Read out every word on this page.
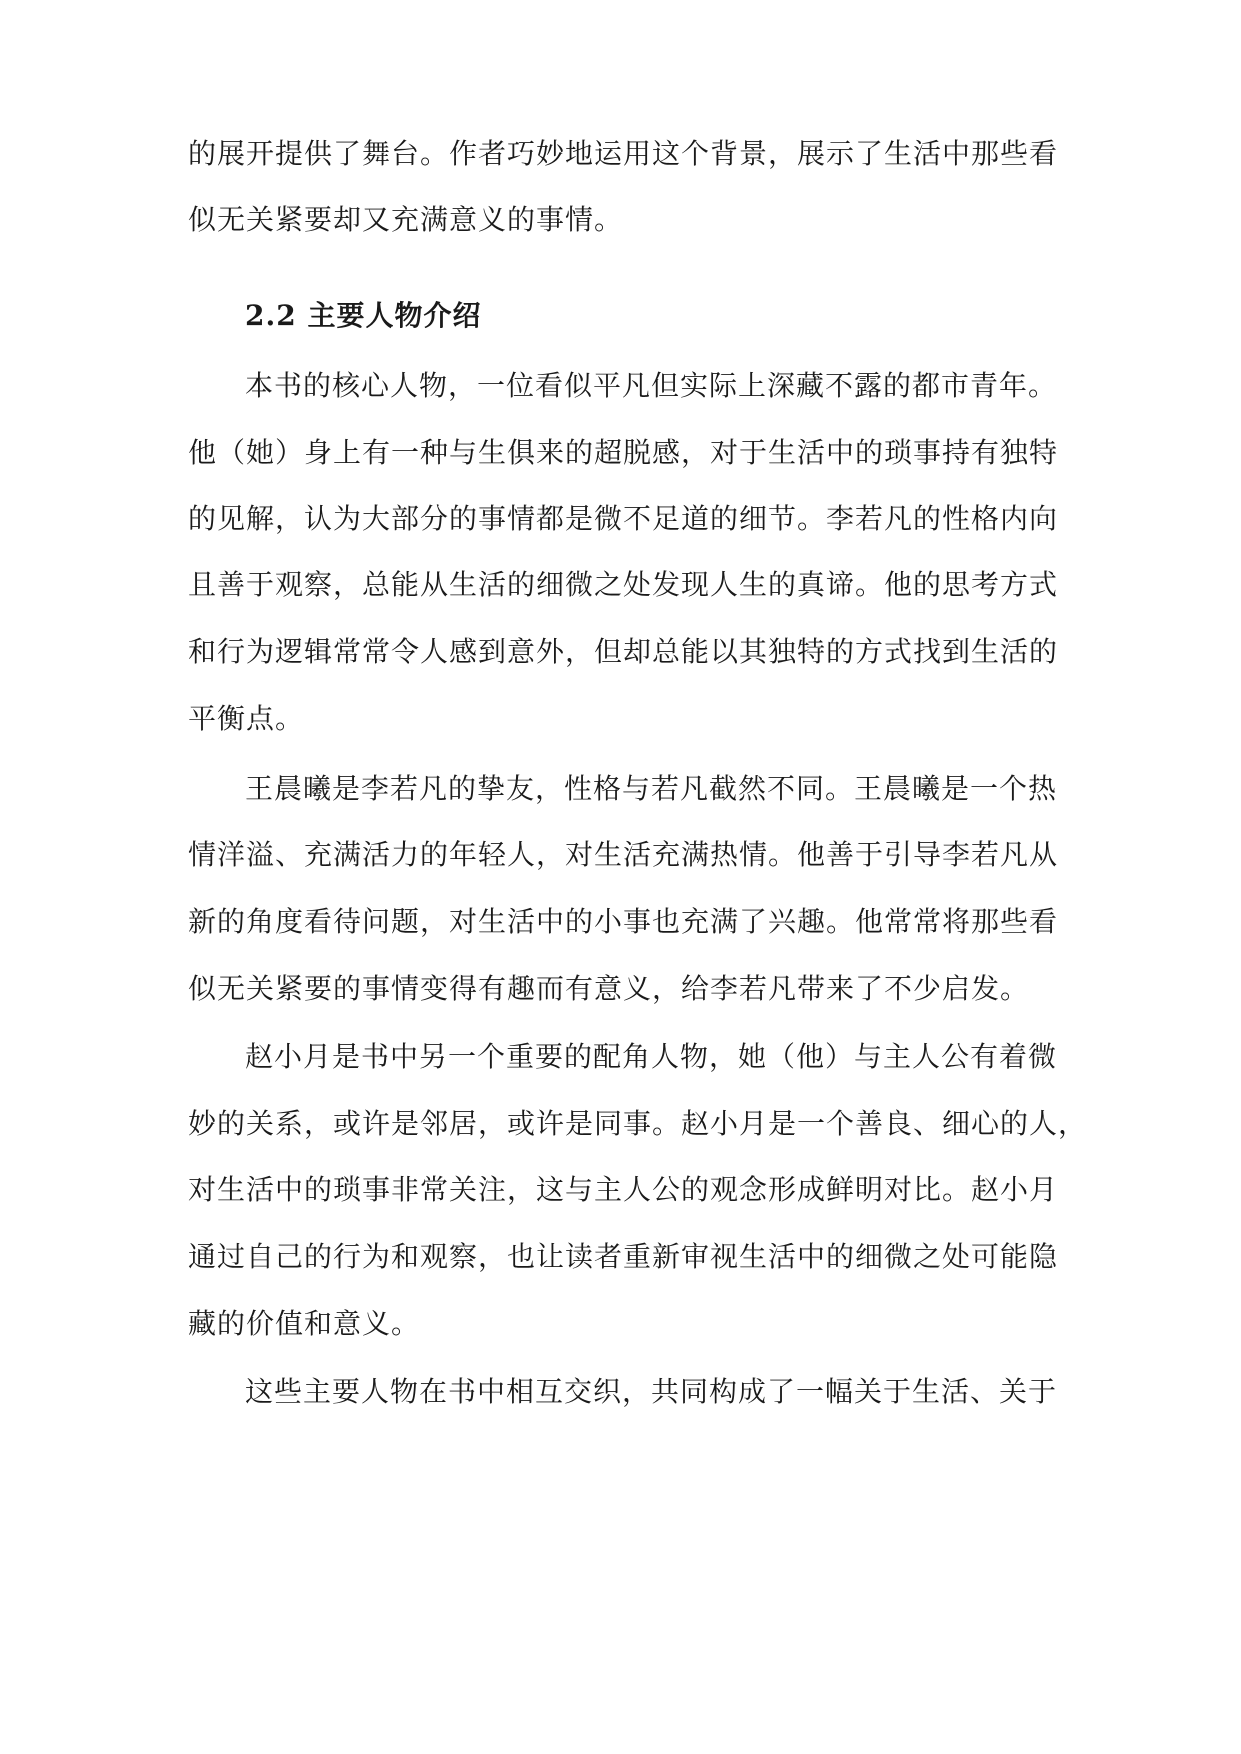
的展开提供了舞台。作者巧妙地运用这个背景，展示了生活中那些看
似无关紧要却又充满意义的事情。
2.2 主要人物介绍
本书的核心人物，一位看似平凡但实际上深藏不露的都市青年。
他（她）身上有一种与生俱来的超脱感，对于生活中的琐事持有独特
的见解，认为大部分的事情都是微不足道的细节。李若凡的性格内向
且善于观察，总能从生活的细微之处发现人生的真谛。他的思考方式
和行为逻辑常常令人感到意外，但却总能以其独特的方式找到生活的
平衡点。
王晨曦是李若凡的挚友，性格与若凡截然不同。王晨曦是一个热
情洋溢、充满活力的年轻人，对生活充满热情。他善于引导李若凡从
新的角度看待问题，对生活中的小事也充满了兴趣。他常常将那些看
似无关紧要的事情变得有趣而有意义，给李若凡带来了不少启发。
赵小月是书中另一个重要的配角人物，她（他）与主人公有着微
妙的关系，或许是邻居，或许是同事。赵小月是一个善良、细心的人，
对生活中的琐事非常关注，这与主人公的观念形成鲜明对比。赵小月
通过自己的行为和观察，也让读者重新审视生活中的细微之处可能隐
藏的价值和意义。
这些主要人物在书中相互交织，共同构成了一幅关于生活、关于
